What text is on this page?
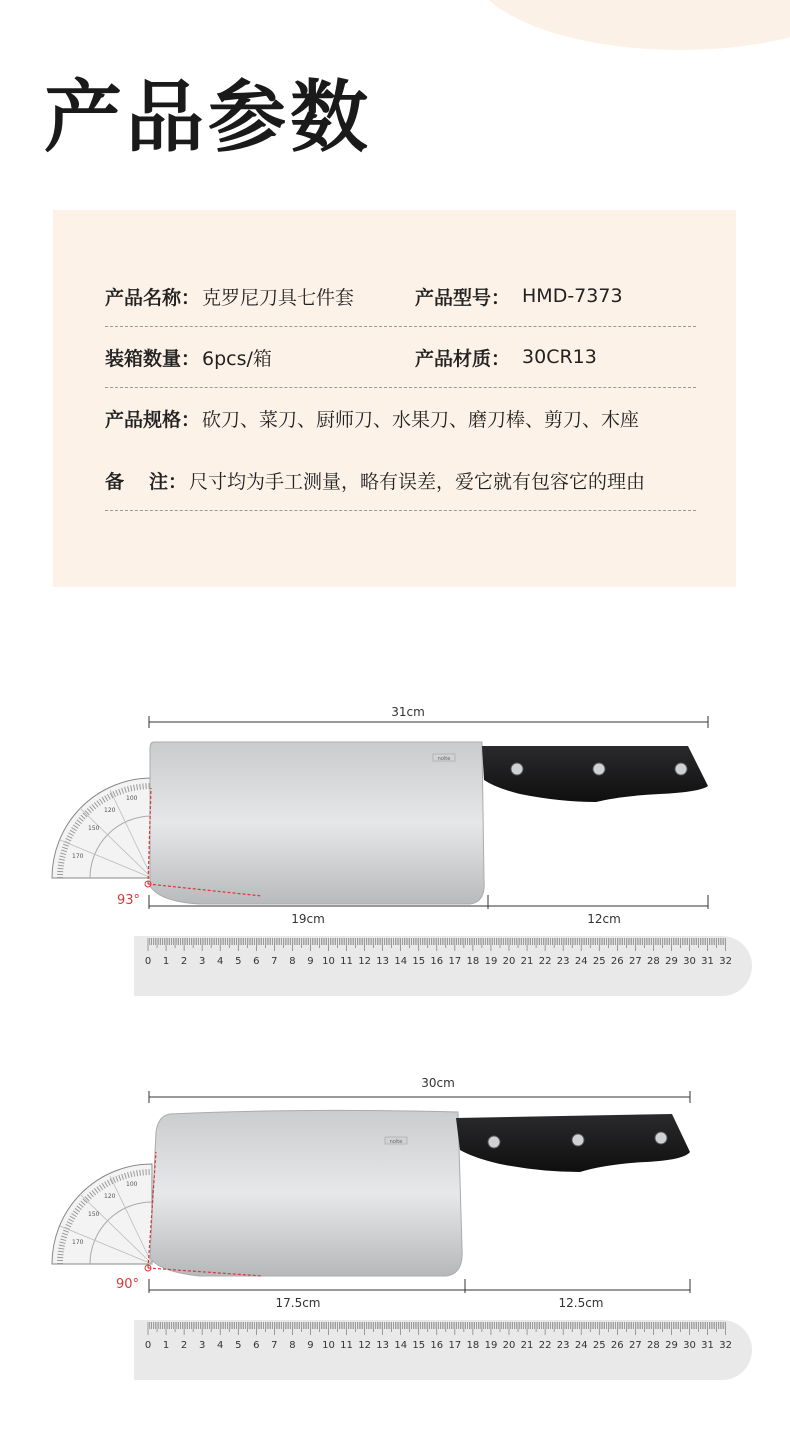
产品参数
产品名称： 克罗尼刀具七件套	产品型号： HMD-7373
装箱数量： 6pcs/箱	产品材质： 30CR13
产品规格： 砍刀、菜刀、厨师刀、水果刀、磨刀棒、剪刀、木座
备 注： 尺寸均为手工测量，略有误差，爱它就有包容它的理由
31cm
150
120
100
170
nolte
93°
19cm	12cm
0 1 2 3 4 5 6 7 8 9 10 11 12 13 14 15 16 17 18 19 20 21 22 23 24 25 26 27 28 29 30 31 32
30cm
150
120
100
170
nolte
90°
17.5cm	12.5cm
0 1 2 3 4 5 6 7 8 9 10 11 12 13 14 15 16 17 18 19 20 21 22 23 24 25 26 27 28 29 30 31 32
